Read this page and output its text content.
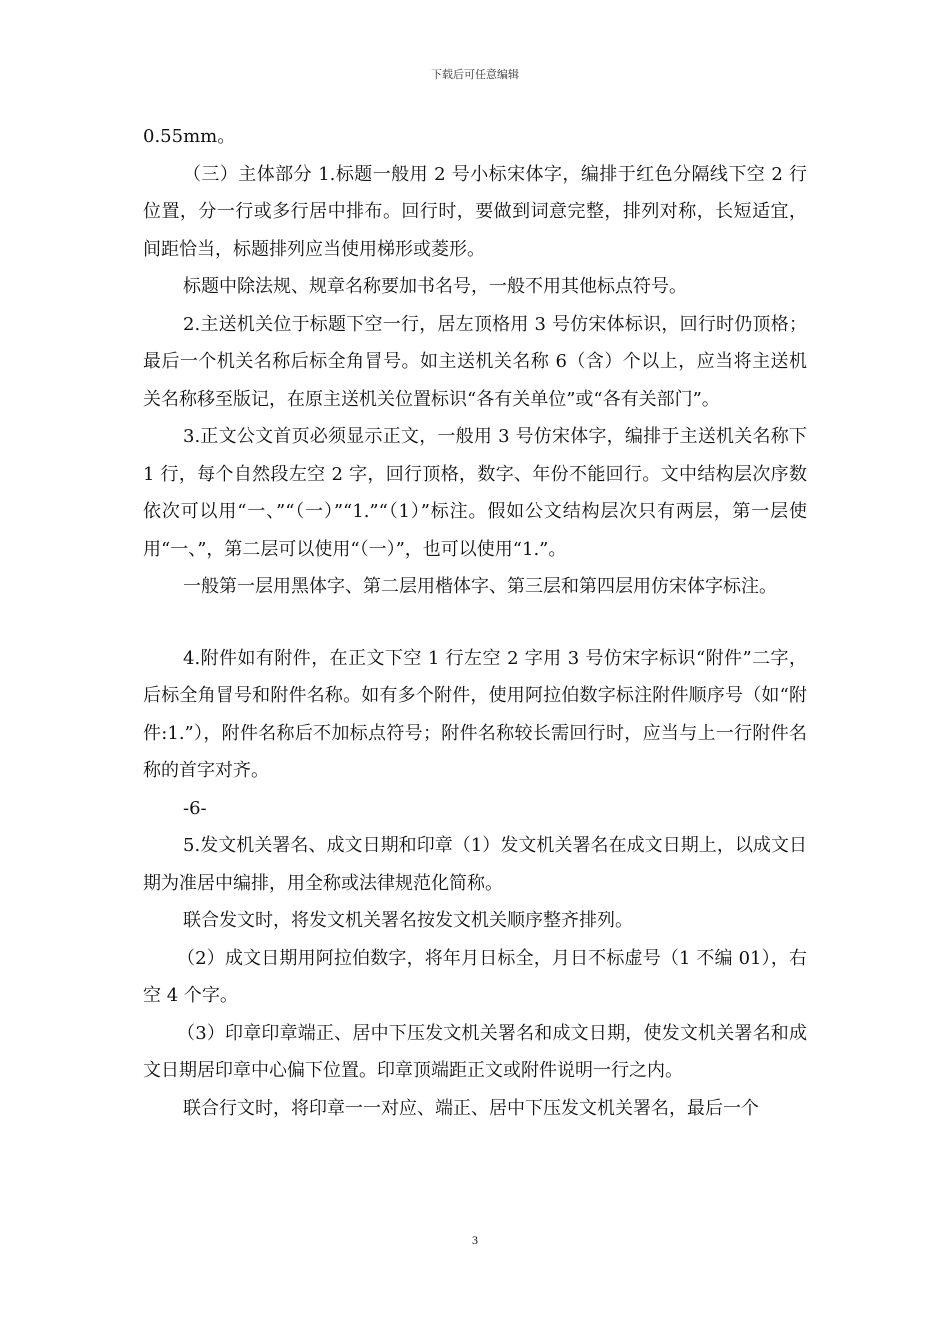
下载后可任意编辑

0.55mm。

（三）主体部分 1.标题一般用 2 号小标宋体字，编排于红色分隔线下空 2 行位置，分一行或多行居中排布。回行时，要做到词意完整，排列对称，长短适宜，间距恰当，标题排列应当使用梯形或菱形。

标题中除法规、规章名称要加书名号，一般不用其他标点符号。

2.主送机关位于标题下空一行，居左顶格用 3 号仿宋体标识，回行时仍顶格；最后一个机关名称后标全角冒号。如主送机关名称 6（含）个以上，应当将主送机关名称移至版记，在原主送机关位置标识“各有关单位”或“各有关部门”。

3.正文公文首页必须显示正文，一般用 3 号仿宋体字，编排于主送机关名称下 1 行，每个自然段左空 2 字，回行顶格，数字、年份不能回行。文中结构层次序数依次可以用“一、”“（一）”“1.”“（1）”标注。假如公文结构层次只有两层，第一层使用“一、”，第二层可以使用“（一）”，也可以使用“1.”。

一般第一层用黑体字、第二层用楷体字、第三层和第四层用仿宋体字标注。

4.附件如有附件，在正文下空 1 行左空 2 字用 3 号仿宋字标识“附件”二字，后标全角冒号和附件名称。如有多个附件，使用阿拉伯数字标注附件顺序号（如“附件:1.”），附件名称后不加标点符号；附件名称较长需回行时，应当与上一行附件名称的首字对齐。

-6-

5.发文机关署名、成文日期和印章（1）发文机关署名在成文日期上，以成文日期为准居中编排，用全称或法律规范化简称。

联合发文时，将发文机关署名按发文机关顺序整齐排列。

（2）成文日期用阿拉伯数字，将年月日标全，月日不标虚号（1 不编 01），右空 4 个字。

（3）印章印章端正、居中下压发文机关署名和成文日期，使发文机关署名和成文日期居印章中心偏下位置。印章顶端距正文或附件说明一行之内。

联合行文时，将印章一一对应、端正、居中下压发文机关署名，最后一个

3
